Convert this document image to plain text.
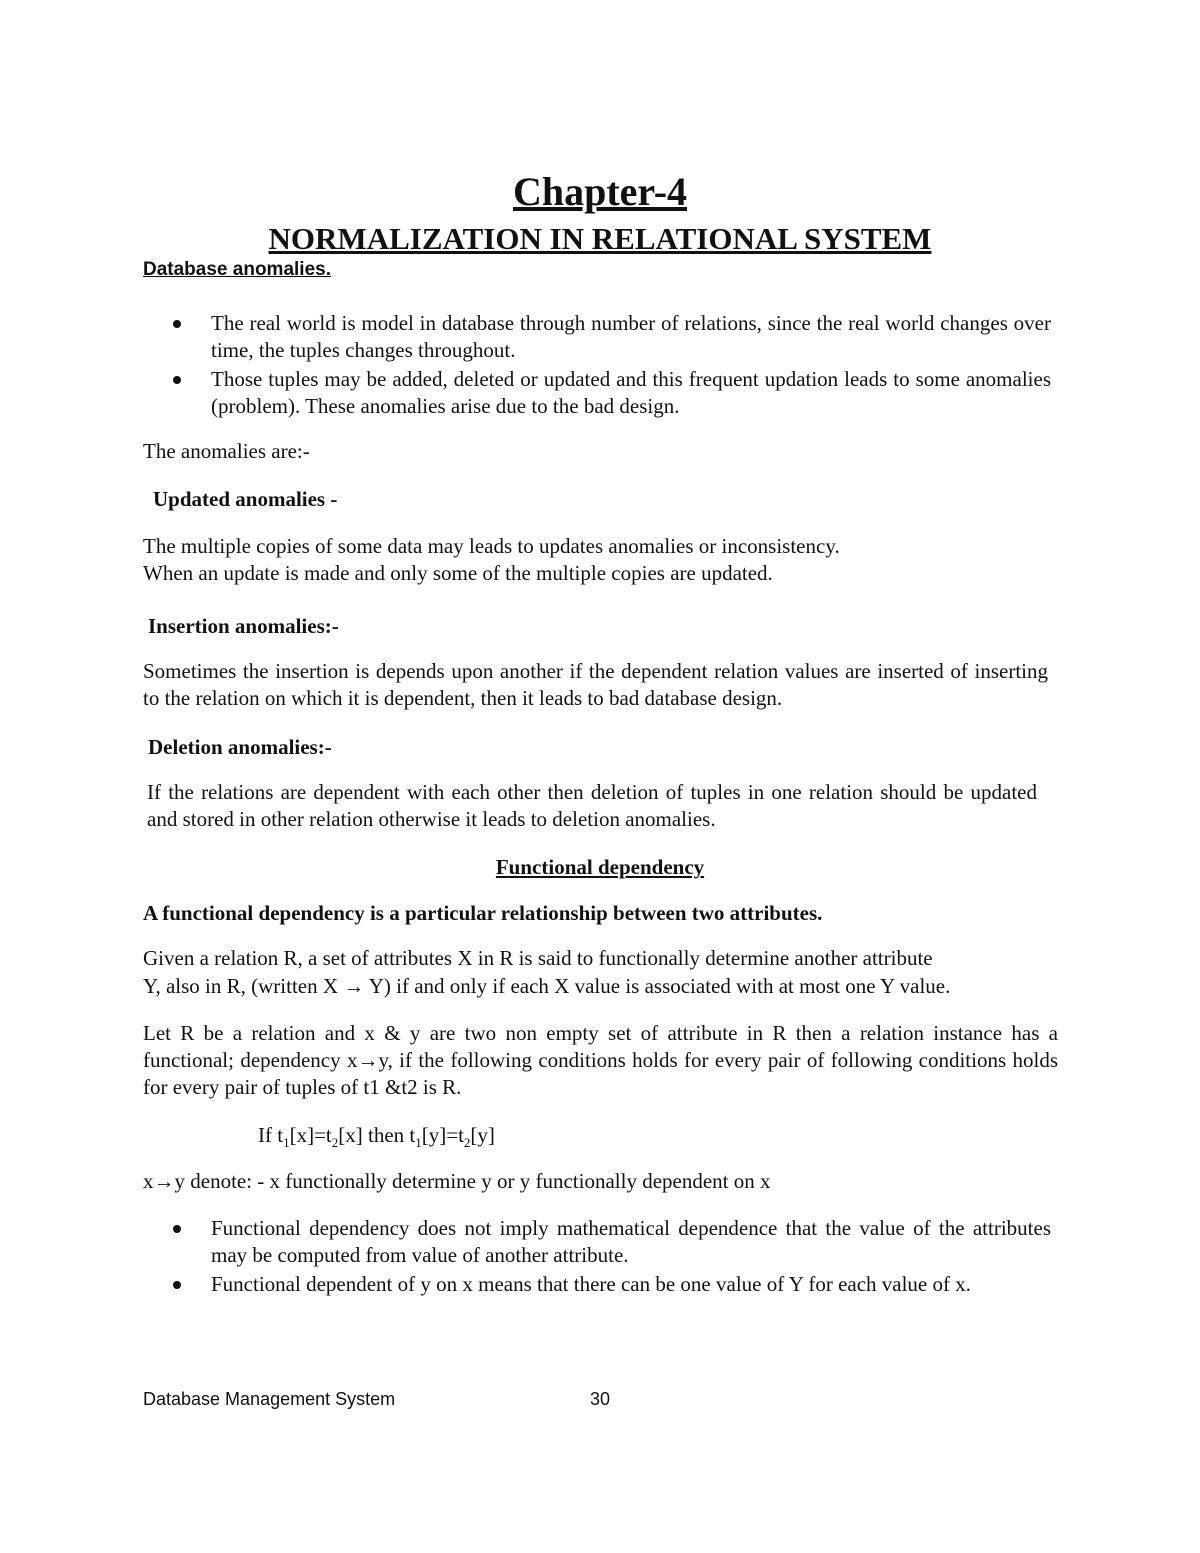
Chapter-4
NORMALIZATION IN RELATIONAL SYSTEM
Database anomalies.
The real world is model in database through number of relations, since the real world changes over time, the tuples changes throughout.
Those tuples may be added, deleted or updated and this frequent updation leads to some anomalies (problem). These anomalies arise due to the bad design.
The anomalies are:-
Updated anomalies -
The multiple copies of some data may leads to updates anomalies or inconsistency.
When an update is made and only some of the multiple copies are updated.
Insertion anomalies:-
Sometimes the insertion is depends upon another if the dependent relation values are inserted of inserting to the relation on which it is dependent, then it leads to bad database design.
Deletion anomalies:-
If the relations are dependent with each other then deletion of tuples in one relation should be updated and stored in other relation otherwise it leads to deletion anomalies.
Functional dependency
A functional dependency is a particular relationship between two attributes.
Given a relation R, a set of attributes X in R is said to functionally determine another attribute
Y, also in R, (written X → Y) if and only if each X value is associated with at most one Y value.
Let R be a relation and x & y are two non empty set of attribute in R then a relation instance has a functional; dependency x→y, if the following conditions holds for every pair of following conditions holds for every pair of tuples of t1 &t2 is R.
If $t_1[x]=t_2[x]$ then $t_1[y]=t_2[y]$
x→y denote: - x functionally determine y or y functionally dependent on x
Functional dependency does not imply mathematical dependence that the value of the attributes may be computed from value of another attribute.
Functional dependent of y on x means that there can be one value of Y for each value of x.
Database Management System	30
